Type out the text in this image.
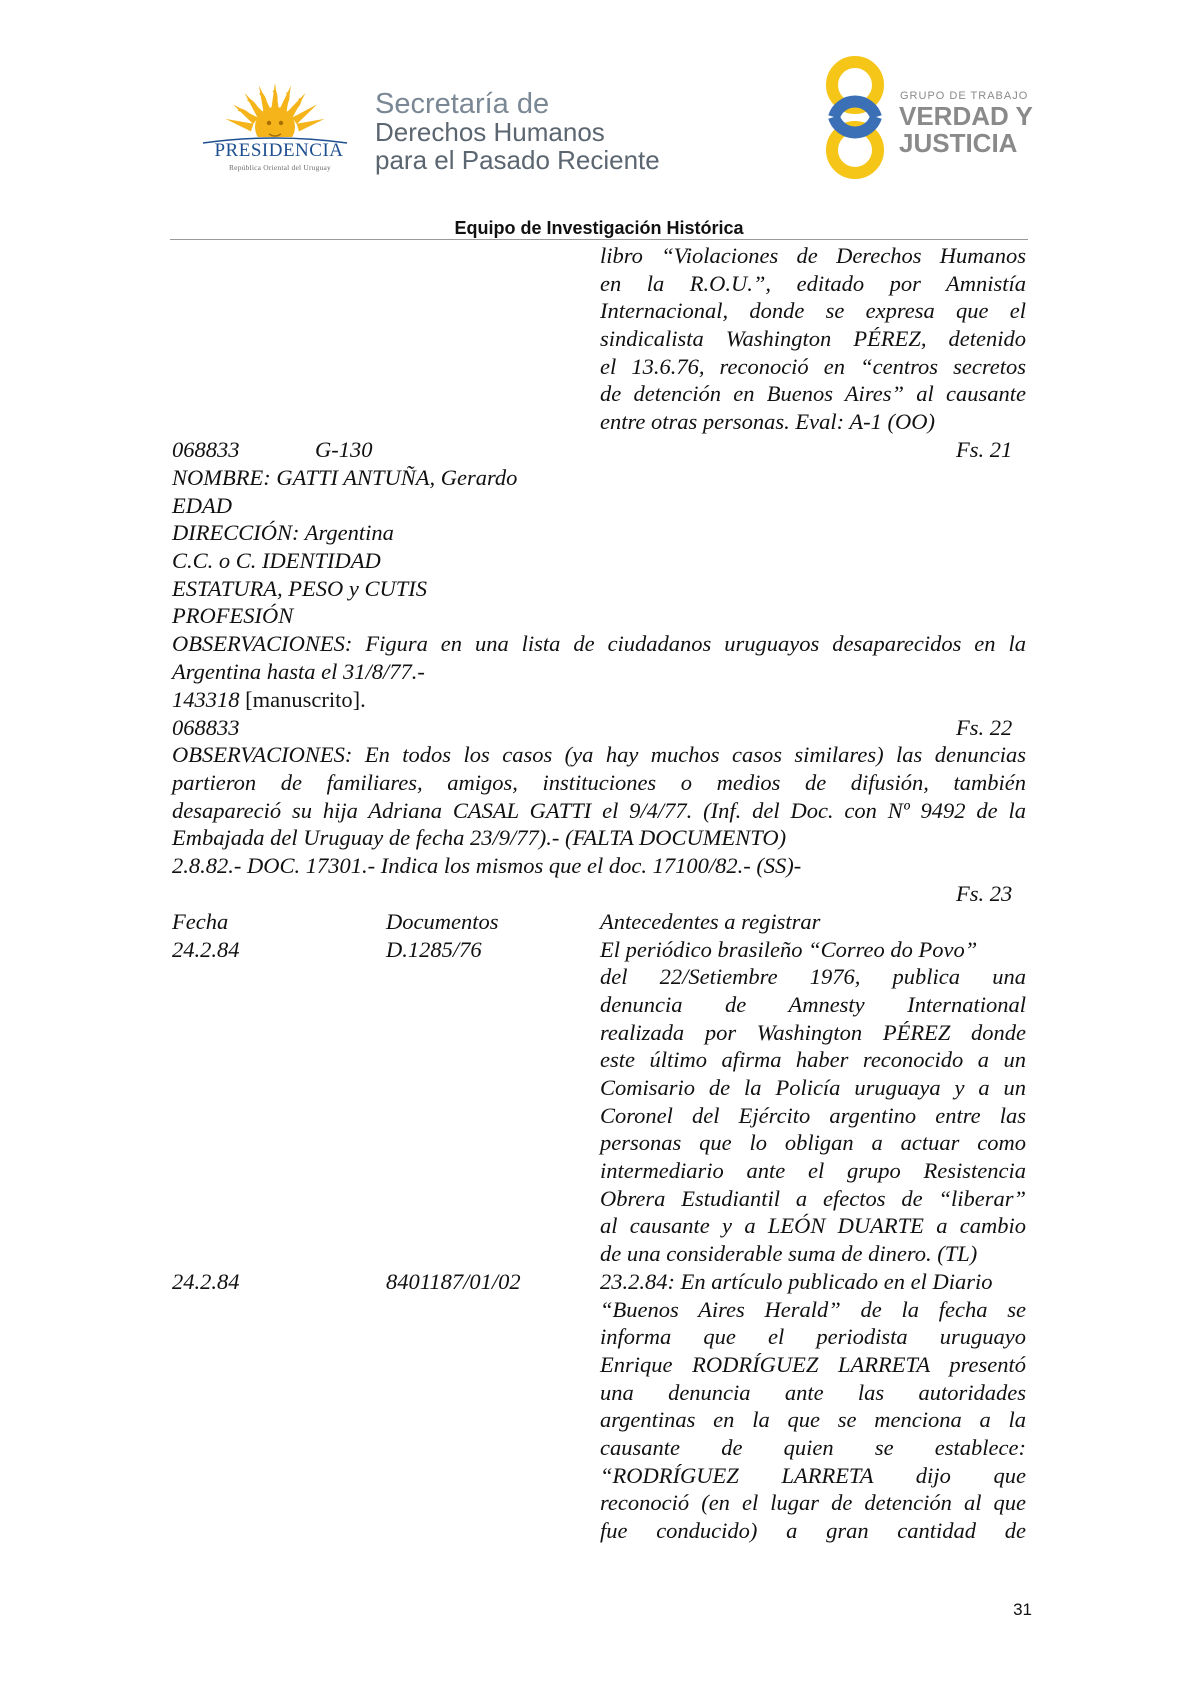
PRESIDENCIA
República Oriental del Uruguay
Secretaría de
Derechos Humanos
para el Pasado Reciente
GRUPO DE TRABAJO
VERDAD Y
JUSTICIA
Equipo de Investigación Histórica
libro “Violaciones de Derechos Humanos
en la R.O.U.”, editado por Amnistía
Internacional, donde se expresa que el
sindicalista Washington PÉREZ, detenido
el 13.6.76, reconoció en “centros secretos
de detención en Buenos Aires” al causante
entre otras personas. Eval: A-1 (OO)
068833	G-130	Fs. 21
NOMBRE: GATTI ANTUÑA, Gerardo
EDAD
DIRECCIÓN: Argentina
C.C. o C. IDENTIDAD
ESTATURA, PESO y CUTIS
PROFESIÓN
OBSERVACIONES: Figura en una lista de ciudadanos uruguayos desaparecidos en la
Argentina hasta el 31/8/77.-
143318 [manuscrito].
068833	Fs. 22
OBSERVACIONES: En todos los casos (ya hay muchos casos similares) las denuncias
partieron de familiares, amigos, instituciones o medios de difusión, también
desapareció su hija Adriana CASAL GATTI el 9/4/77. (Inf. del Doc. con Nº 9492 de la
Embajada del Uruguay de fecha 23/9/77).- (FALTA DOCUMENTO)
2.8.82.- DOC. 17301.- Indica los mismos que el doc. 17100/82.- (SS)-
Fs. 23
Fecha	Documentos	Antecedentes a registrar
24.2.84	D.1285/76	El periódico brasileño “Correo do Povo”
del 22/Setiembre 1976, publica una
denuncia de Amnesty International
realizada por Washington PÉREZ donde
este último afirma haber reconocido a un
Comisario de la Policía uruguaya y a un
Coronel del Ejército argentino entre las
personas que lo obligan a actuar como
intermediario ante el grupo Resistencia
Obrera Estudiantil a efectos de “liberar”
al causante y a LEÓN DUARTE a cambio
de una considerable suma de dinero. (TL)
24.2.84	8401187/01/02	23.2.84: En artículo publicado en el Diario
“Buenos Aires Herald” de la fecha se
informa que el periodista uruguayo
Enrique RODRÍGUEZ LARRETA presentó
una denuncia ante las autoridades
argentinas en la que se menciona a la
causante de quien se establece:
“RODRÍGUEZ LARRETA dijo que
reconoció (en el lugar de detención al que
fue conducido) a gran cantidad de
31
